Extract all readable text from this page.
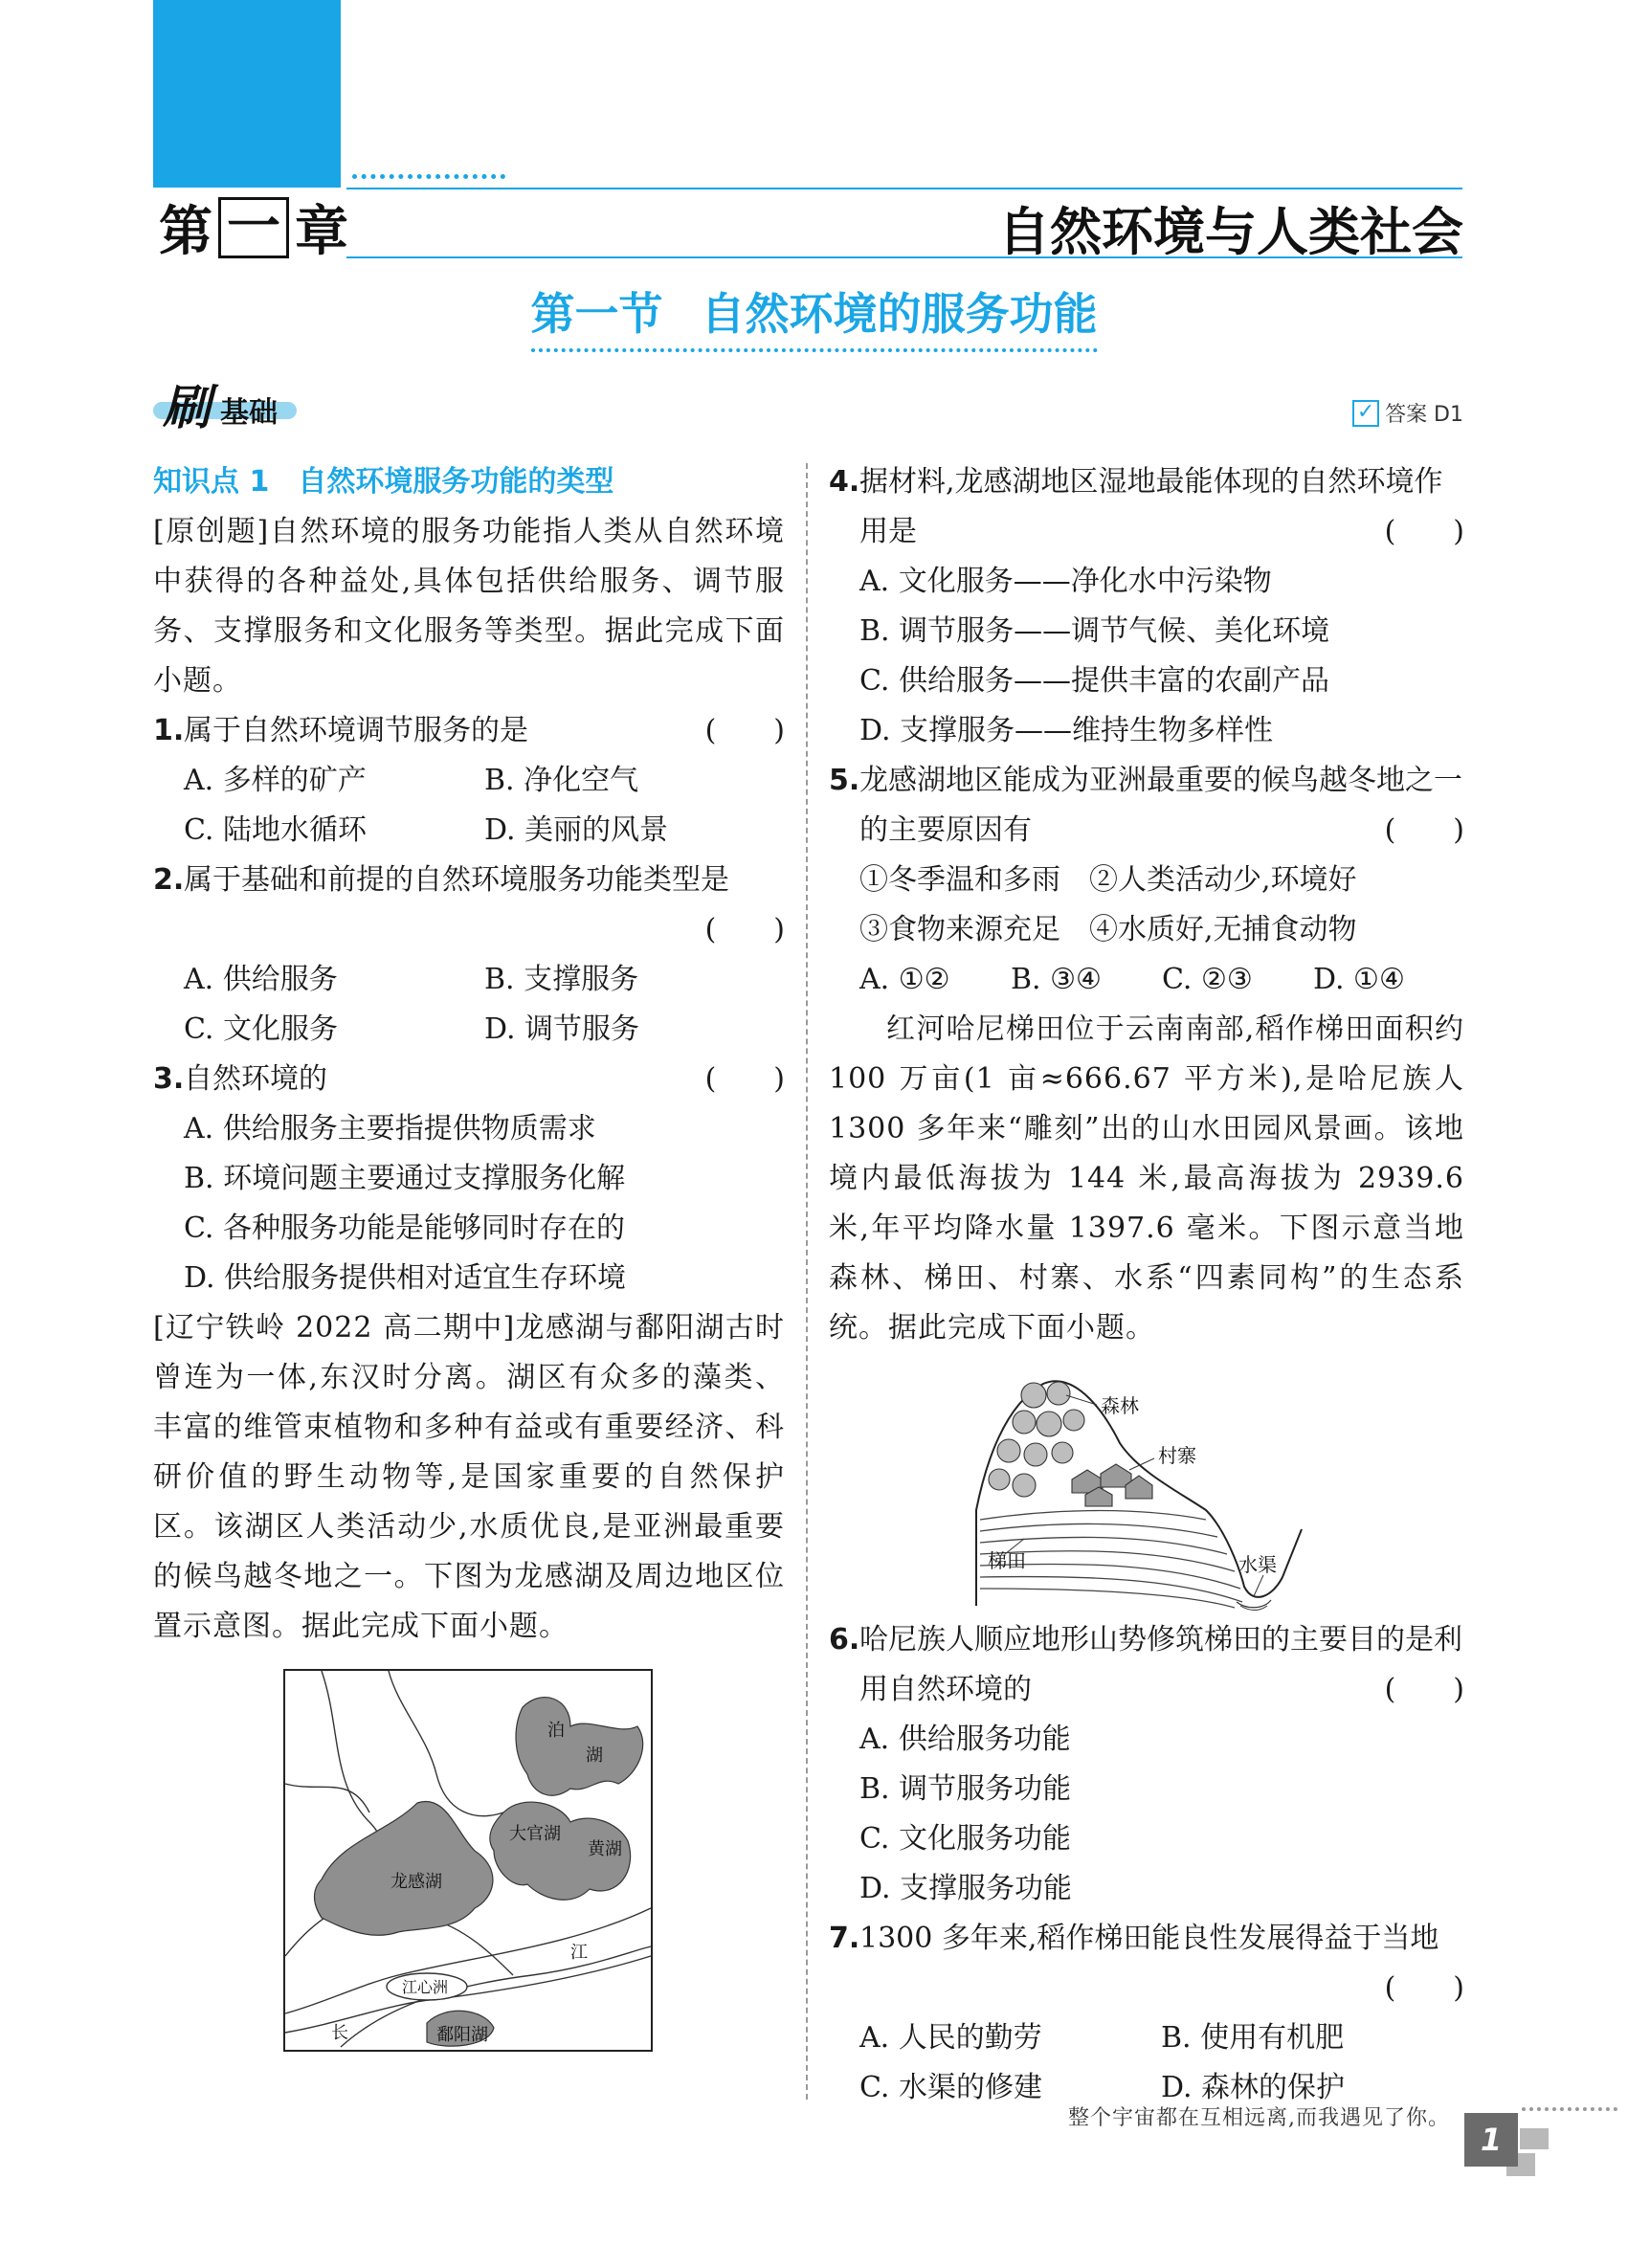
第 一 章	自然环境与人类社会
第一节 自然环境的服务功能
刷 基础	✓ 答案 D1
知识点 1　自然环境服务功能的类型
[原创题]自然环境的服务功能指人类从自然环境中获得的各种益处,具体包括供给服务、调节服务、支撑服务和文化服务等类型。据此完成下面小题。
1. 属于自然环境调节服务的是	(　　)
A. 多样的矿产	B. 净化空气
C. 陆地水循环	D. 美丽的风景
2. 属于基础和前提的自然环境服务功能类型是
(　　)
A. 供给服务	B. 支撑服务
C. 文化服务	D. 调节服务
3. 自然环境的	(　　)
A. 供给服务主要指提供物质需求
B. 环境问题主要通过支撑服务化解
C. 各种服务功能是能够同时存在的
D. 供给服务提供相对适宜生存环境
[辽宁铁岭 2022 高二期中]龙感湖与鄱阳湖古时曾连为一体,东汉时分离。湖区有众多的藻类、丰富的维管束植物和多种有益或有重要经济、科研价值的野生动物等,是国家重要的自然保护区。该湖区人类活动少,水质优良,是亚洲最重要的候鸟越冬地之一。下图为龙感湖及周边地区位置示意图。据此完成下面小题。
泊
湖
大官湖
黄湖
龙感湖
江
江心洲
长	鄱阳湖
4. 据材料,龙感湖地区湿地最能体现的自然环境作用是	(　　)
A. 文化服务——净化水中污染物
B. 调节服务——调节气候、美化环境
C. 供给服务——提供丰富的农副产品
D. 支撑服务——维持生物多样性
5. 龙感湖地区能成为亚洲最重要的候鸟越冬地之一的主要原因有	(　　)
①冬季温和多雨　②人类活动少,环境好
③食物来源充足　④水质好,无捕食动物
A. ①②	B. ③④	C. ②③	D. ①④
红河哈尼梯田位于云南南部,稻作梯田面积约 100 万亩(1 亩≈666.67 平方米),是哈尼族人 1300 多年来“雕刻”出的山水田园风景画。该地境内最低海拔为 144 米,最高海拔为 2939.6 米,年平均降水量 1397.6 毫米。下图示意当地森林、梯田、村寨、水系“四素同构”的生态系统。据此完成下面小题。
森林
村寨
梯田	水渠
6. 哈尼族人顺应地形山势修筑梯田的主要目的是利用自然环境的	(　　)
A. 供给服务功能
B. 调节服务功能
C. 文化服务功能
D. 支撑服务功能
7. 1300 多年来,稻作梯田能良性发展得益于当地
(　　)
A. 人民的勤劳	B. 使用有机肥
C. 水渠的修建	D. 森林的保护
整个宇宙都在互相远离,而我遇见了你。
1
